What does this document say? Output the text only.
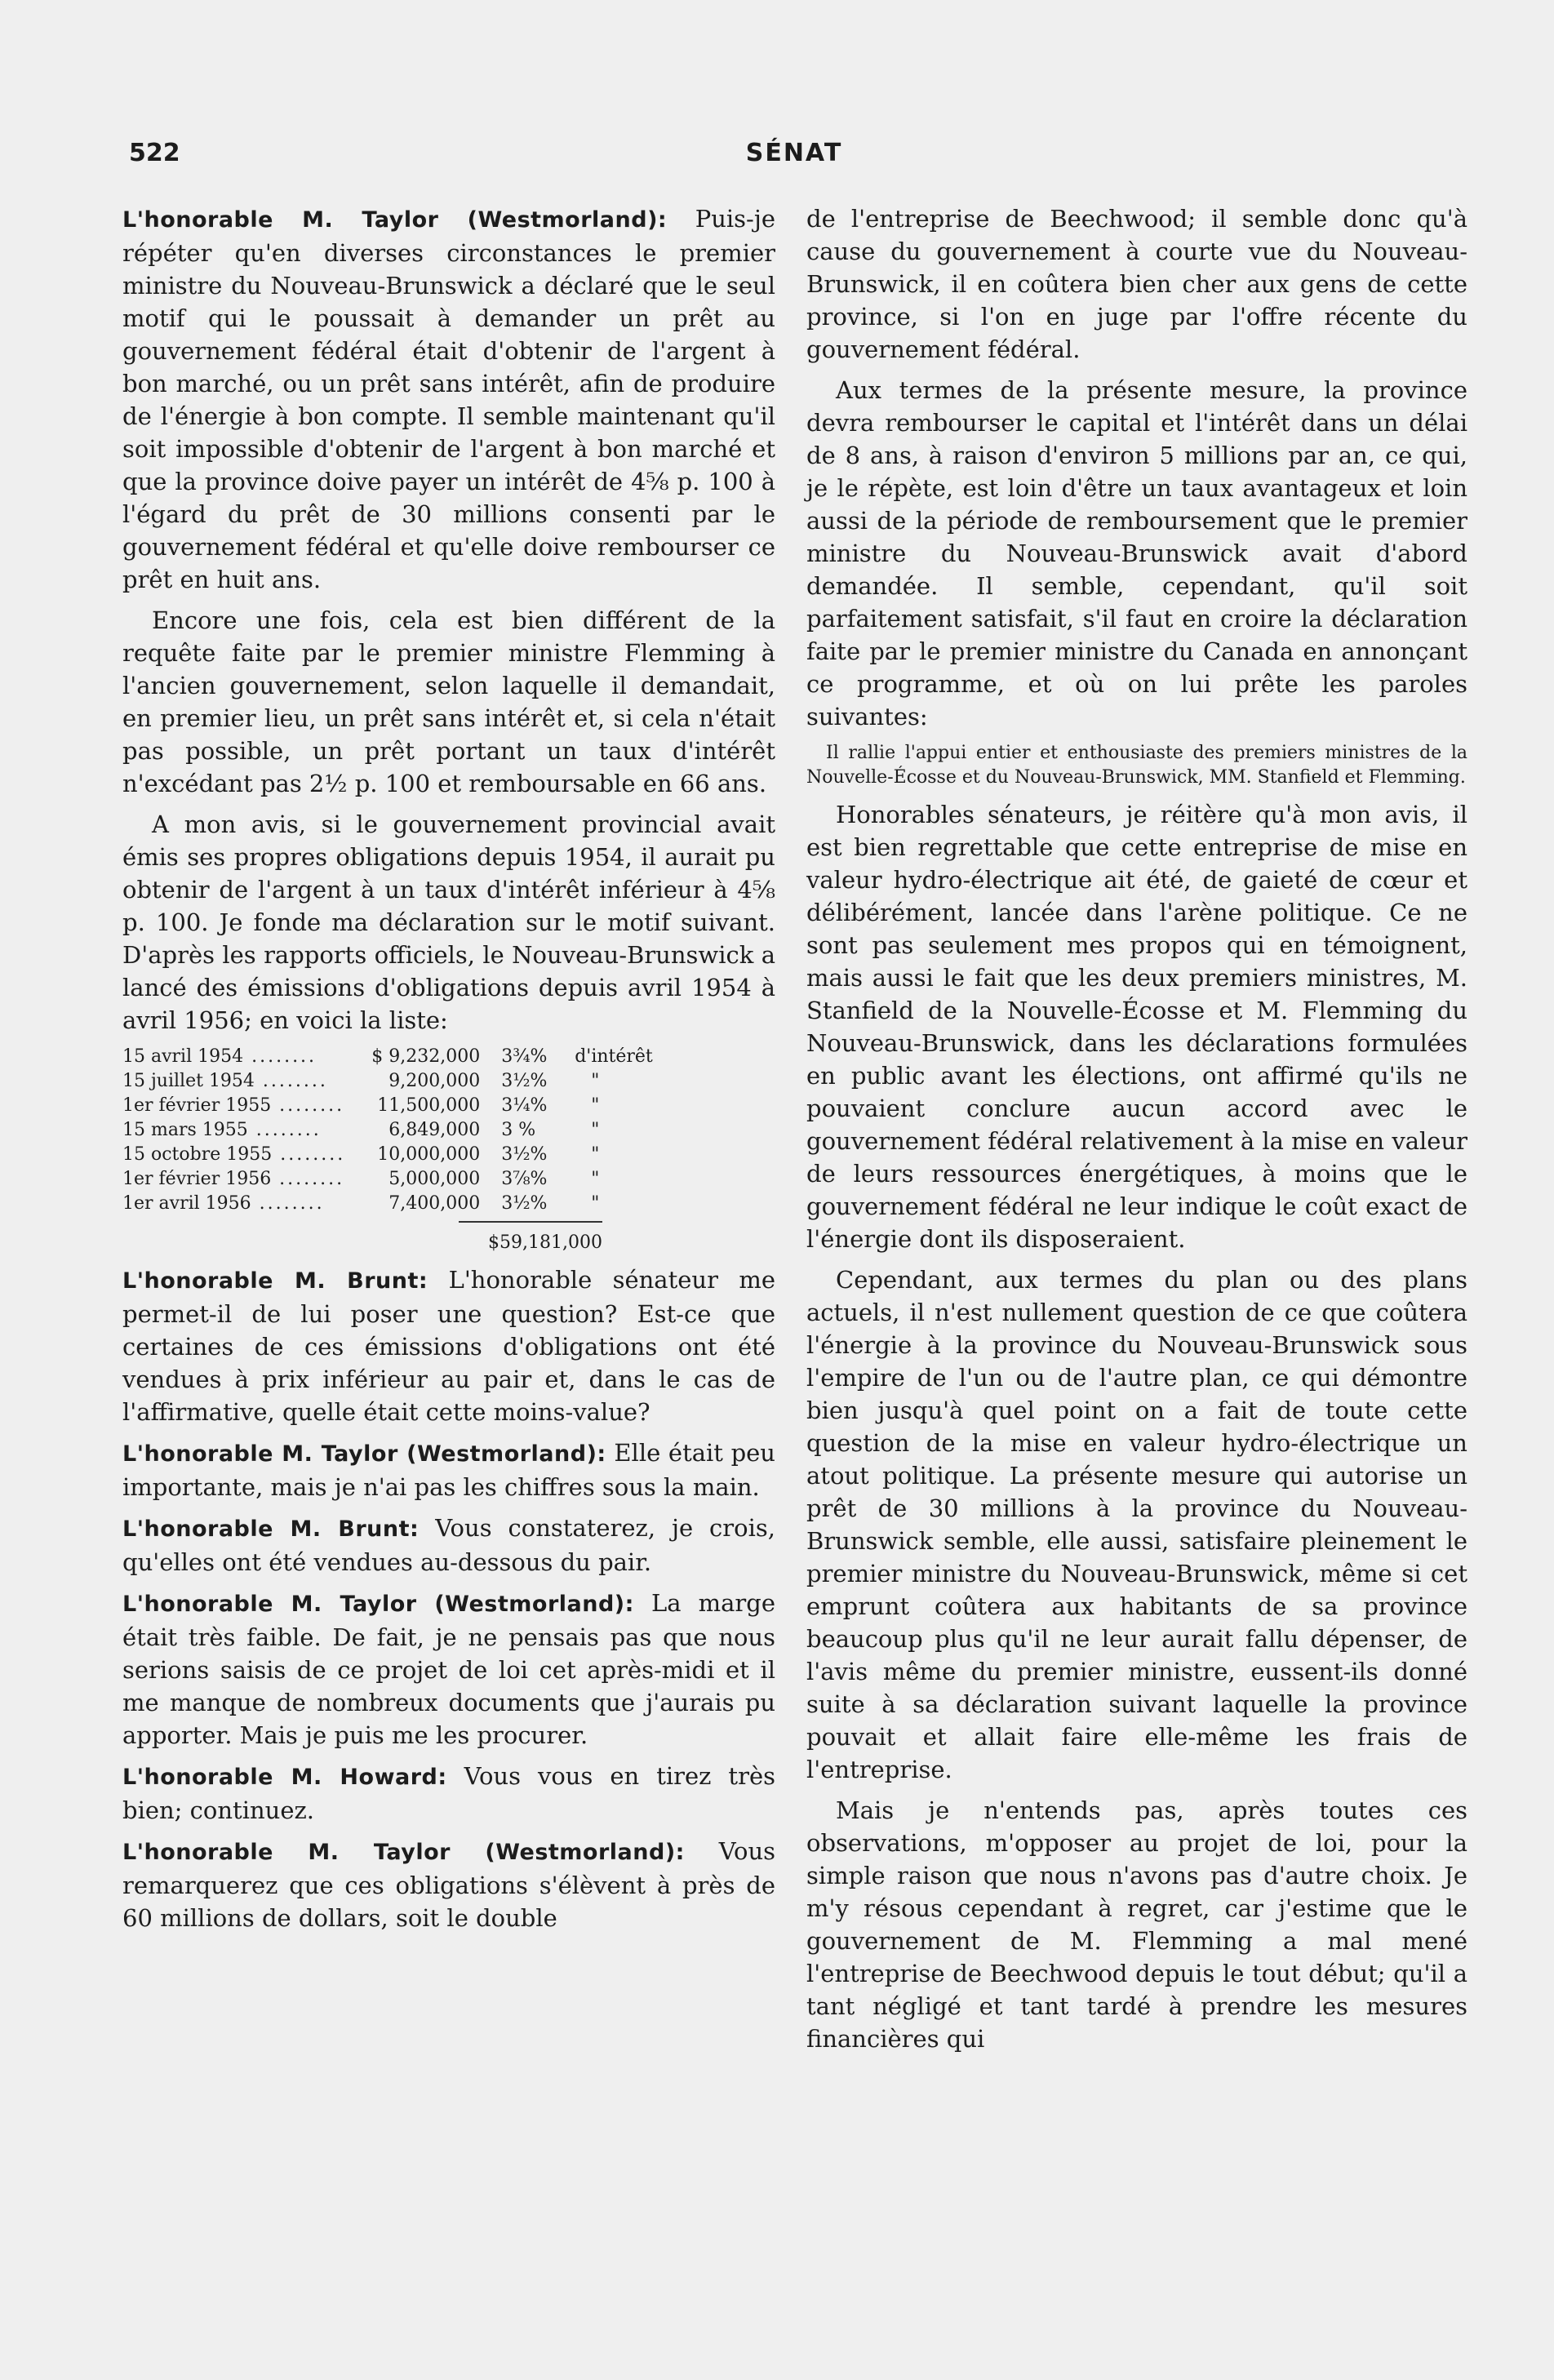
522	SÉNAT

L'honorable M. Taylor (Westmorland): Puis-je répéter qu'en diverses circonstances le premier ministre du Nouveau-Brunswick a déclaré que le seul motif qui le poussait à demander un prêt au gouvernement fédéral était d'obtenir de l'argent à bon marché, ou un prêt sans intérêt, afin de produire de l'énergie à bon compte. Il semble maintenant qu'il soit impossible d'obtenir de l'argent à bon marché et que la province doive payer un intérêt de 4⅝ p. 100 à l'égard du prêt de 30 millions consenti par le gouvernement fédéral et qu'elle doive rembourser ce prêt en huit ans.

Encore une fois, cela est bien différent de la requête faite par le premier ministre Flemming à l'ancien gouvernement, selon laquelle il demandait, en premier lieu, un prêt sans intérêt et, si cela n'était pas possible, un prêt portant un taux d'intérêt n'excédant pas 2½ p. 100 et remboursable en 66 ans.

A mon avis, si le gouvernement provincial avait émis ses propres obligations depuis 1954, il aurait pu obtenir de l'argent à un taux d'intérêt inférieur à 4⅝ p. 100. Je fonde ma déclaration sur le motif suivant. D'après les rapports officiels, le Nouveau-Brunswick a lancé des émissions d'obligations depuis avril 1954 à avril 1956; en voici la liste:

15 avril 1954 ........	$ 9,232,000	3¾%	d'intérêt
15 juillet 1954 ........	9,200,000	3½%	"
1er février 1955 ........	11,500,000	3¼%	"
15 mars 1955 ........	6,849,000	3 %	"
15 octobre 1955 ........	10,000,000	3½%	"
1er février 1956 ........	5,000,000	3⅞%	"
1er avril 1956 ........	7,400,000	3½%	"
$59,181,000

L'honorable M. Brunt: L'honorable sénateur me permet-il de lui poser une question? Est-ce que certaines de ces émissions d'obligations ont été vendues à prix inférieur au pair et, dans le cas de l'affirmative, quelle était cette moins-value?

L'honorable M. Taylor (Westmorland): Elle était peu importante, mais je n'ai pas les chiffres sous la main.

L'honorable M. Brunt: Vous constaterez, je crois, qu'elles ont été vendues au-dessous du pair.

L'honorable M. Taylor (Westmorland): La marge était très faible. De fait, je ne pensais pas que nous serions saisis de ce projet de loi cet après-midi et il me manque de nombreux documents que j'aurais pu apporter. Mais je puis me les procurer.

L'honorable M. Howard: Vous vous en tirez très bien; continuez.

L'honorable M. Taylor (Westmorland): Vous remarquerez que ces obligations s'élèvent à près de 60 millions de dollars, soit le double

de l'entreprise de Beechwood; il semble donc qu'à cause du gouvernement à courte vue du Nouveau-Brunswick, il en coûtera bien cher aux gens de cette province, si l'on en juge par l'offre récente du gouvernement fédéral.

Aux termes de la présente mesure, la province devra rembourser le capital et l'intérêt dans un délai de 8 ans, à raison d'environ 5 millions par an, ce qui, je le répète, est loin d'être un taux avantageux et loin aussi de la période de remboursement que le premier ministre du Nouveau-Brunswick avait d'abord demandée. Il semble, cependant, qu'il soit parfaitement satisfait, s'il faut en croire la déclaration faite par le premier ministre du Canada en annonçant ce programme, et où on lui prête les paroles suivantes:

Il rallie l'appui entier et enthousiaste des premiers ministres de la Nouvelle-Écosse et du Nouveau-Brunswick, MM. Stanfield et Flemming.

Honorables sénateurs, je réitère qu'à mon avis, il est bien regrettable que cette entreprise de mise en valeur hydro-électrique ait été, de gaieté de cœur et délibérément, lancée dans l'arène politique. Ce ne sont pas seulement mes propos qui en témoignent, mais aussi le fait que les deux premiers ministres, M. Stanfield de la Nouvelle-Écosse et M. Flemming du Nouveau-Brunswick, dans les déclarations formulées en public avant les élections, ont affirmé qu'ils ne pouvaient conclure aucun accord avec le gouvernement fédéral relativement à la mise en valeur de leurs ressources énergétiques, à moins que le gouvernement fédéral ne leur indique le coût exact de l'énergie dont ils disposeraient.

Cependant, aux termes du plan ou des plans actuels, il n'est nullement question de ce que coûtera l'énergie à la province du Nouveau-Brunswick sous l'empire de l'un ou de l'autre plan, ce qui démontre bien jusqu'à quel point on a fait de toute cette question de la mise en valeur hydro-électrique un atout politique. La présente mesure qui autorise un prêt de 30 millions à la province du Nouveau-Brunswick semble, elle aussi, satisfaire pleinement le premier ministre du Nouveau-Brunswick, même si cet emprunt coûtera aux habitants de sa province beaucoup plus qu'il ne leur aurait fallu dépenser, de l'avis même du premier ministre, eussent-ils donné suite à sa déclaration suivant laquelle la province pouvait et allait faire elle-même les frais de l'entreprise.

Mais je n'entends pas, après toutes ces observations, m'opposer au projet de loi, pour la simple raison que nous n'avons pas d'autre choix. Je m'y résous cependant à regret, car j'estime que le gouvernement de M. Flemming a mal mené l'entreprise de Beechwood depuis le tout début; qu'il a tant négligé et tant tardé à prendre les mesures financières qui
